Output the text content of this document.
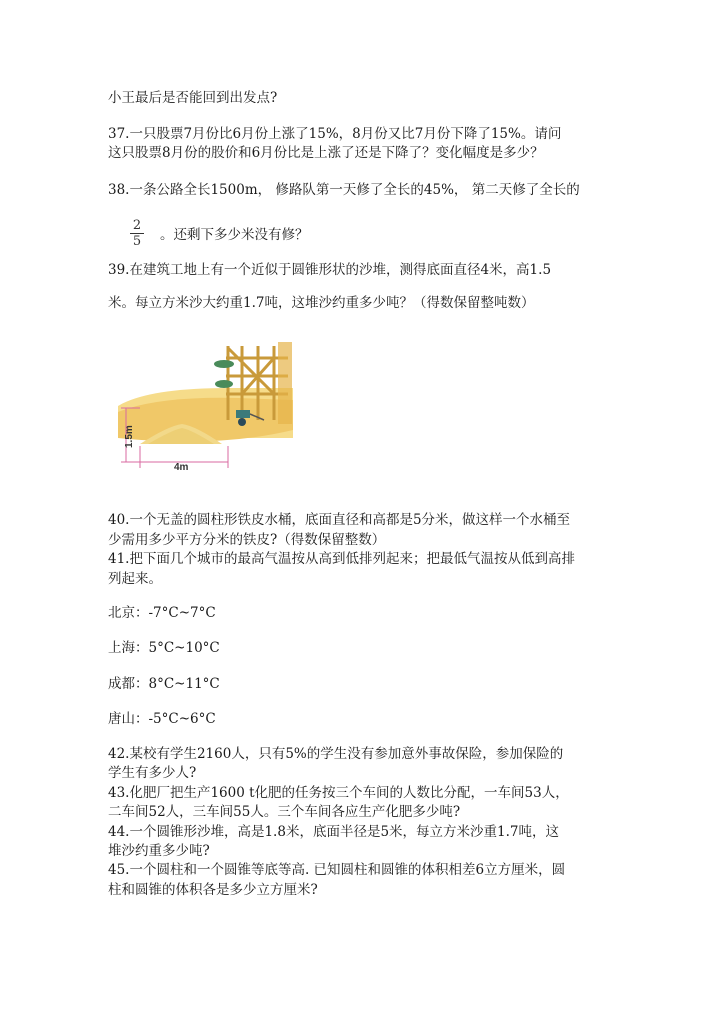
小王最后是否能回到出发点?
37.一只股票7月份比6月份上涨了15%，8月份又比7月份下降了15%。请问
这只股票8月份的股价和6月份比是上涨了还是下降了？变化幅度是多少？
38.一条公路全长1500m， 修路队第一天修了全长的45%， 第二天修了全长的
$\frac{2}{5}$ 。还剩下多少米没有修？
39.在建筑工地上有一个近似于圆锥形状的沙堆，测得底面直径4米，高1.5
米。每立方米沙大约重1.7吨，这堆沙约重多少吨？（得数保留整吨数）
1.5m
4m
40.一个无盖的圆柱形铁皮水桶，底面直径和高都是5分米，做这样一个水桶至
少需用多少平方分米的铁皮?（得数保留整数）
41.把下面几个城市的最高气温按从高到低排列起来；把最低气温按从低到高排
列起来。
北京：-7°C~7°C
上海：5°C~10°C
成都：8°C~11°C
唐山：-5°C~6°C
42.某校有学生2160人，只有5%的学生没有参加意外事故保险，参加保险的
学生有多少人?
43.化肥厂把生产1600 t化肥的任务按三个车间的人数比分配，一车间53人，
二车间52人，三车间55人。三个车间各应生产化肥多少吨?
44.一个圆锥形沙堆，高是1.8米，底面半径是5米，每立方米沙重1.7吨，这
堆沙约重多少吨?
45.一个圆柱和一个圆锥等底等高. 已知圆柱和圆锥的体积相差6立方厘米，圆
柱和圆锥的体积各是多少立方厘米?
